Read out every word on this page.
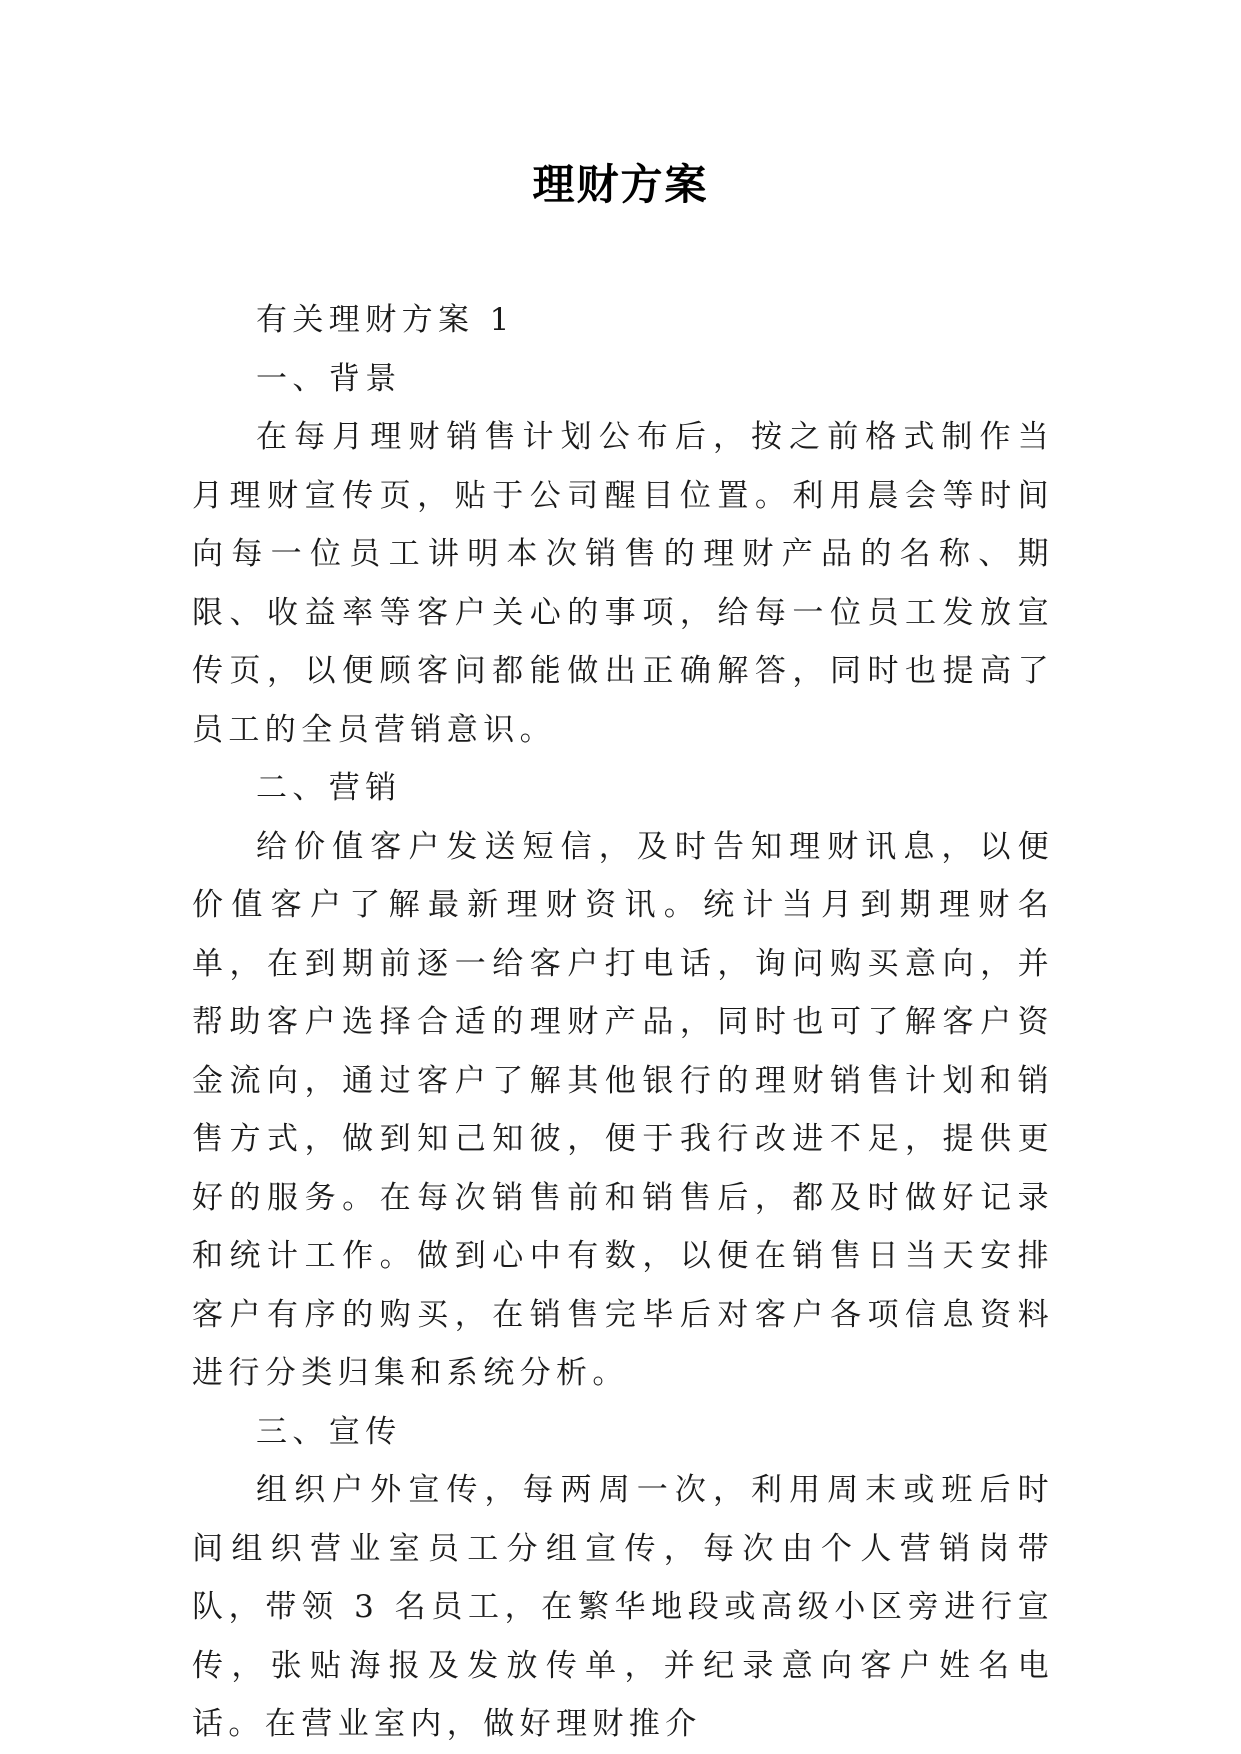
理财方案

有关理财方案 1

一、背景

在每月理财销售计划公布后，按之前格式制作当月理财宣传页，贴于公司醒目位置。利用晨会等时间向每一位员工讲明本次销售的理财产品的名称、期限、收益率等客户关心的事项，给每一位员工发放宣传页，以便顾客问都能做出正确解答，同时也提高了员工的全员营销意识。

二、营销

给价值客户发送短信，及时告知理财讯息，以便价值客户了解最新理财资讯。统计当月到期理财名单，在到期前逐一给客户打电话，询问购买意向，并帮助客户选择合适的理财产品，同时也可了解客户资金流向，通过客户了解其他银行的理财销售计划和销售方式，做到知己知彼，便于我行改进不足，提供更好的服务。在每次销售前和销售后，都及时做好记录和统计工作。做到心中有数，以便在销售日当天安排客户有序的购买，在销售完毕后对客户各项信息资料进行分类归集和系统分析。

三、宣传

组织户外宣传，每两周一次，利用周末或班后时间组织营业室员工分组宣传，每次由个人营销岗带队，带领 3 名员工，在繁华地段或高级小区旁进行宣传，张贴海报及发放传单，并纪录意向客户姓名电话。在营业室内，做好理财推介
